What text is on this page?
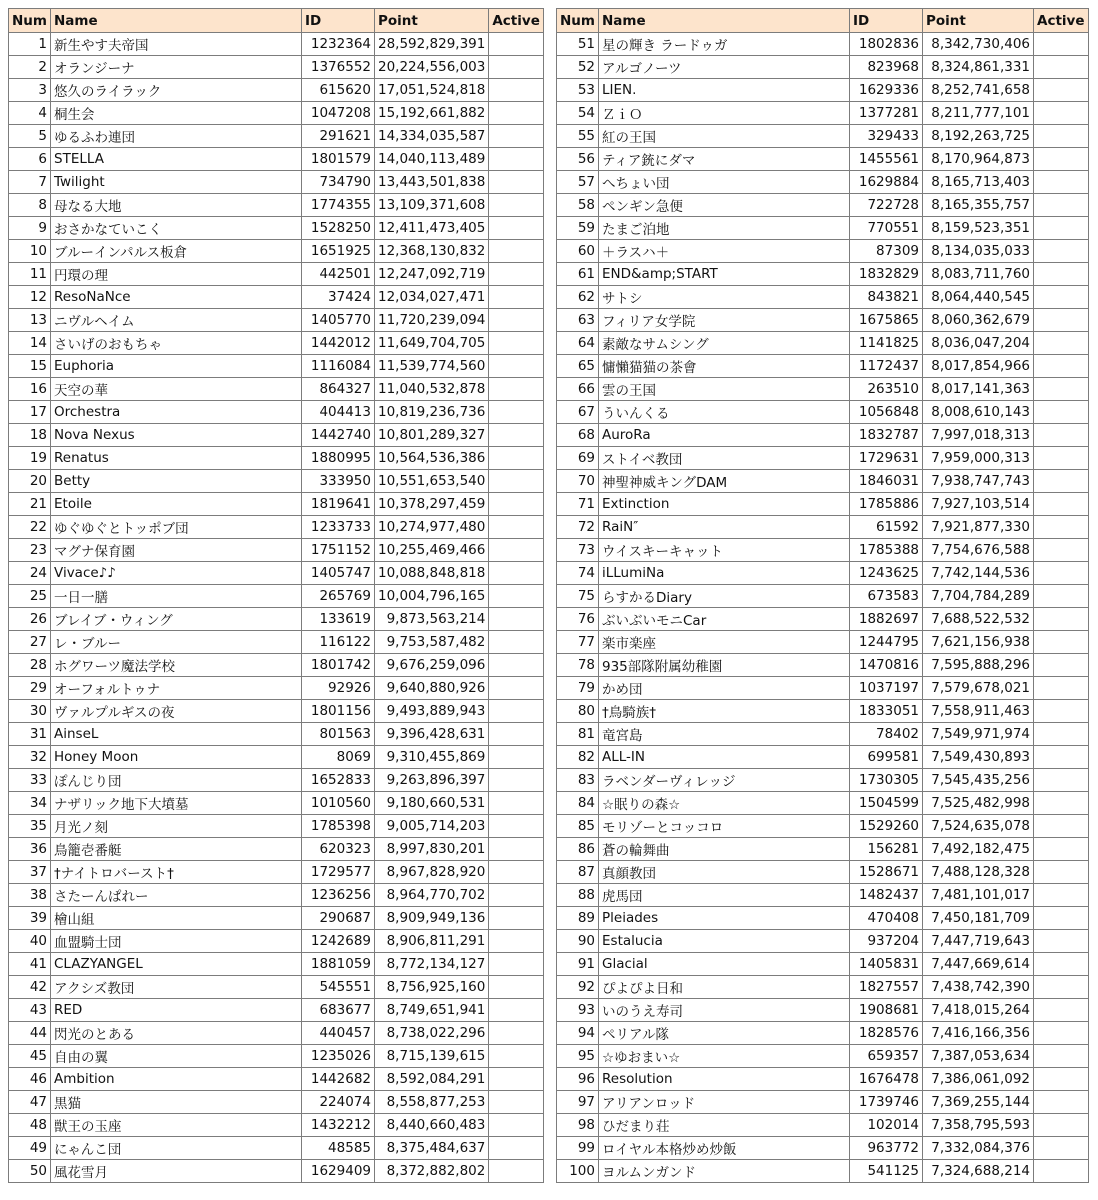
Num	Name	ID	Point	Active
1	新生やす夫帝国	1232364	28,592,829,391	
2	オランジーナ	1376552	20,224,556,003	
3	悠久のライラック	615620	17,051,524,818	
4	桐生会	1047208	15,192,661,882	
5	ゆるふわ連団	291621	14,334,035,587	
6	STELLA	1801579	14,040,113,489	
7	Twilight	734790	13,443,501,838	
8	母なる大地	1774355	13,109,371,608	
9	おさかなていこく	1528250	12,411,473,405	
10	ブルーインパルス板倉	1651925	12,368,130,832	
11	円環の理	442501	12,247,092,719	
12	ResoNaNce	37424	12,034,027,471	
13	ニヴルヘイム	1405770	11,720,239,094	
14	さいげのおもちゃ	1442012	11,649,704,705	
15	Euphoria	1116084	11,539,774,560	
16	天空の華	864327	11,040,532,878	
17	Orchestra	404413	10,819,236,736	
18	Nova Nexus	1442740	10,801,289,327	
19	Renatus	1880995	10,564,536,386	
20	Betty	333950	10,551,653,540	
21	Etoile	1819641	10,378,297,459	
22	ゆぐゆぐとトッポブ団	1233733	10,274,977,480	
23	マグナ保育園	1751152	10,255,469,466	
24	Vivace♪♪	1405747	10,088,848,818	
25	一日一膳	265769	10,004,796,165	
26	ブレイブ・ウィング	133619	9,873,563,214	
27	レ・ブルー	116122	9,753,587,482	
28	ホグワーツ魔法学校	1801742	9,676,259,096	
29	オーフォルトゥナ	92926	9,640,880,926	
30	ヴァルプルギスの夜	1801156	9,493,889,943	
31	AinseL	801563	9,396,428,631	
32	Honey Moon	8069	9,310,455,869	
33	ぽんじり団	1652833	9,263,896,397	
34	ナザリック地下大墳墓	1010560	9,180,660,531	
35	月光ノ刻	1785398	9,005,714,203	
36	鳥籠壱番艇	620323	8,997,830,201	
37	†ナイトロバースト†	1729577	8,967,828,920	
38	さたーんぱれー	1236256	8,964,770,702	
39	檜山組	290687	8,909,949,136	
40	血盟騎士団	1242689	8,906,811,291	
41	CLAZYANGEL	1881059	8,772,134,127	
42	アクシズ教団	545551	8,756,925,160	
43	RED	683677	8,749,651,941	
44	閃光のとある	440457	8,738,022,296	
45	自由の翼	1235026	8,715,139,615	
46	Ambition	1442682	8,592,084,291	
47	黒猫	224074	8,558,877,253	
48	獣王の玉座	1432212	8,440,660,483	
49	にゃんこ団	48585	8,375,484,637	
50	風花雪月	1629409	8,372,882,802	
Num	Name	ID	Point	Active
51	星の輝き ラードゥガ	1802836	8,342,730,406	
52	アルゴノーツ	823968	8,324,861,331	
53	LIEN.	1629336	8,252,741,658	
54	ＺｉＯ	1377281	8,211,777,101	
55	紅の王国	329433	8,192,263,725	
56	ティア銃にダマ	1455561	8,170,964,873	
57	へちょい団	1629884	8,165,713,403	
58	ペンギン急便	722728	8,165,355,757	
59	たまご泊地	770551	8,159,523,351	
60	＋ラスハ＋	87309	8,134,035,033	
61	END&amp;START	1832829	8,083,711,760	
62	サトシ	843821	8,064,440,545	
63	フィリア女学院	1675865	8,060,362,679	
64	素敵なサムシング	1141825	8,036,047,204	
65	慵懶猫猫の茶會	1172437	8,017,854,966	
66	雲の王国	263510	8,017,141,363	
67	ういんくる	1056848	8,008,610,143	
68	AuroRa	1832787	7,997,018,313	
69	ストイベ教団	1729631	7,959,000,313	
70	神聖神威キングDAM	1846031	7,938,747,743	
71	Extinction	1785886	7,927,103,514	
72	RaiN″	61592	7,921,877,330	
73	ウイスキーキャット	1785388	7,754,676,588	
74	iLLumiNa	1243625	7,742,144,536	
75	らすかるDiary	673583	7,704,784,289	
76	ぶいぶいモニCar	1882697	7,688,522,532	
77	楽市楽座	1244795	7,621,156,938	
78	935部隊附属幼稚園	1470816	7,595,888,296	
79	かめ団	1037197	7,579,678,021	
80	†鳥騎族†	1833051	7,558,911,463	
81	竜宮島	78402	7,549,971,974	
82	ALL-IN	699581	7,549,430,893	
83	ラベンダーヴィレッジ	1730305	7,545,435,256	
84	☆眠りの森☆	1504599	7,525,482,998	
85	モリゾーとコッコロ	1529260	7,524,635,078	
86	蒼の輪舞曲	156281	7,492,182,475	
87	真顔教団	1528671	7,488,128,328	
88	虎馬団	1482437	7,481,101,017	
89	Pleiades	470408	7,450,181,709	
90	Estalucia	937204	7,447,719,643	
91	Glacial	1405831	7,447,669,614	
92	ぴよぴよ日和	1827557	7,438,742,390	
93	いのうえ寿司	1908681	7,418,015,264	
94	ペリアル隊	1828576	7,416,166,356	
95	☆ゆおまい☆	659357	7,387,053,634	
96	Resolution	1676478	7,386,061,092	
97	アリアンロッド	1739746	7,369,255,144	
98	ひだまり荘	102014	7,358,795,593	
99	ロイヤル本格炒め炒飯	963772	7,332,084,376	
100	ヨルムンガンド	541125	7,324,688,214	
